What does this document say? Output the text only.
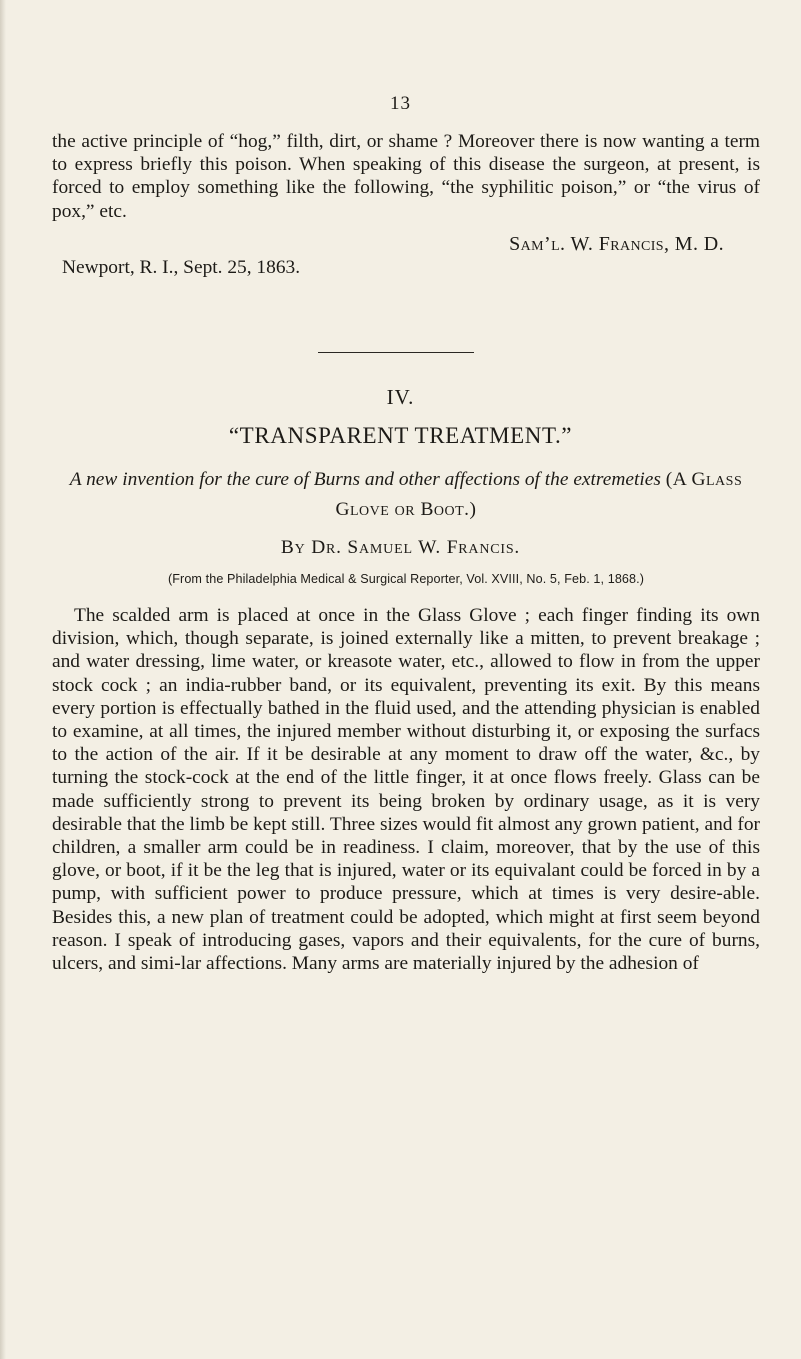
13

the active principle of “hog,” filth, dirt, or shame ? Moreover there is now wanting a term to express briefly this poison. When speaking of this disease the surgeon, at present, is forced to employ something like the following, “the syphilitic poison,” or “the virus of pox,” etc.

Sam’l. W. Francis, M. D.

Newport, R. I., Sept. 25, 1863.

IV.
“TRANSPARENT TREATMENT.”
A new invention for the cure of Burns and other affections of the extremeties (A Glass Glove or Boot.)
By Dr. Samuel W. Francis.
(From the Philadelphia Medical & Surgical Reporter, Vol. XVIII, No. 5, Feb. 1, 1868.)

The scalded arm is placed at once in the Glass Glove ; each finger finding its own division, which, though separate, is joined externally like a mitten, to prevent breakage ; and water dressing, lime water, or kreasote water, etc., allowed to flow in from the upper stock cock ; an india-rubber band, or its equivalent, preventing its exit. By this means every portion is effectually bathed in the fluid used, and the attending physician is enabled to examine, at all times, the injured member without disturbing it, or exposing the surfacs to the action of the air. If it be desirable at any moment to draw off the water, &c., by turning the stock-cock at the end of the little finger, it at once flows freely. Glass can be made sufficiently strong to prevent its being broken by ordinary usage, as it is very desirable that the limb be kept still. Three sizes would fit almost any grown patient, and for children, a smaller arm could be in readiness. I claim, moreover, that by the use of this glove, or boot, if it be the leg that is injured, water or its equivalant could be forced in by a pump, with sufficient power to produce pressure, which at times is very desire-able. Besides this, a new plan of treatment could be adopted, which might at first seem beyond reason. I speak of introducing gases, vapors and their equivalents, for the cure of burns, ulcers, and simi-lar affections. Many arms are materially injured by the adhesion of
